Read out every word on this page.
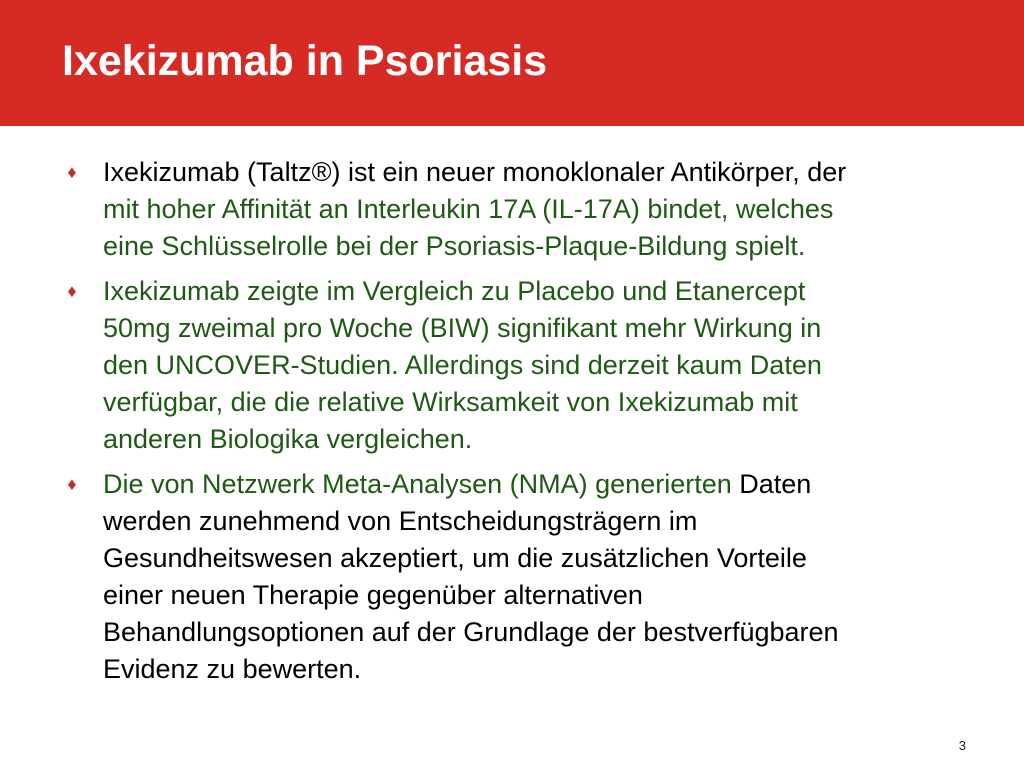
Ixekizumab in Psoriasis
♦ Ixekizumab (Taltz®) ist ein neuer monoklonaler Antikörper, der
mit hoher Affinität an Interleukin 17A (IL-17A) bindet, welches
eine Schlüsselrolle bei der Psoriasis-Plaque-Bildung spielt.
♦ Ixekizumab zeigte im Vergleich zu Placebo und Etanercept
50mg zweimal pro Woche (BIW) signifikant mehr Wirkung in
den UNCOVER-Studien. Allerdings sind derzeit kaum Daten
verfügbar, die die relative Wirksamkeit von Ixekizumab mit
anderen Biologika vergleichen.
♦ Die von Netzwerk Meta-Analysen (NMA) generierten Daten
werden zunehmend von Entscheidungsträgern im
Gesundheitswesen akzeptiert, um die zusätzlichen Vorteile
einer neuen Therapie gegenüber alternativen
Behandlungsoptionen auf der Grundlage der bestverfügbaren
Evidenz zu bewerten.
3
